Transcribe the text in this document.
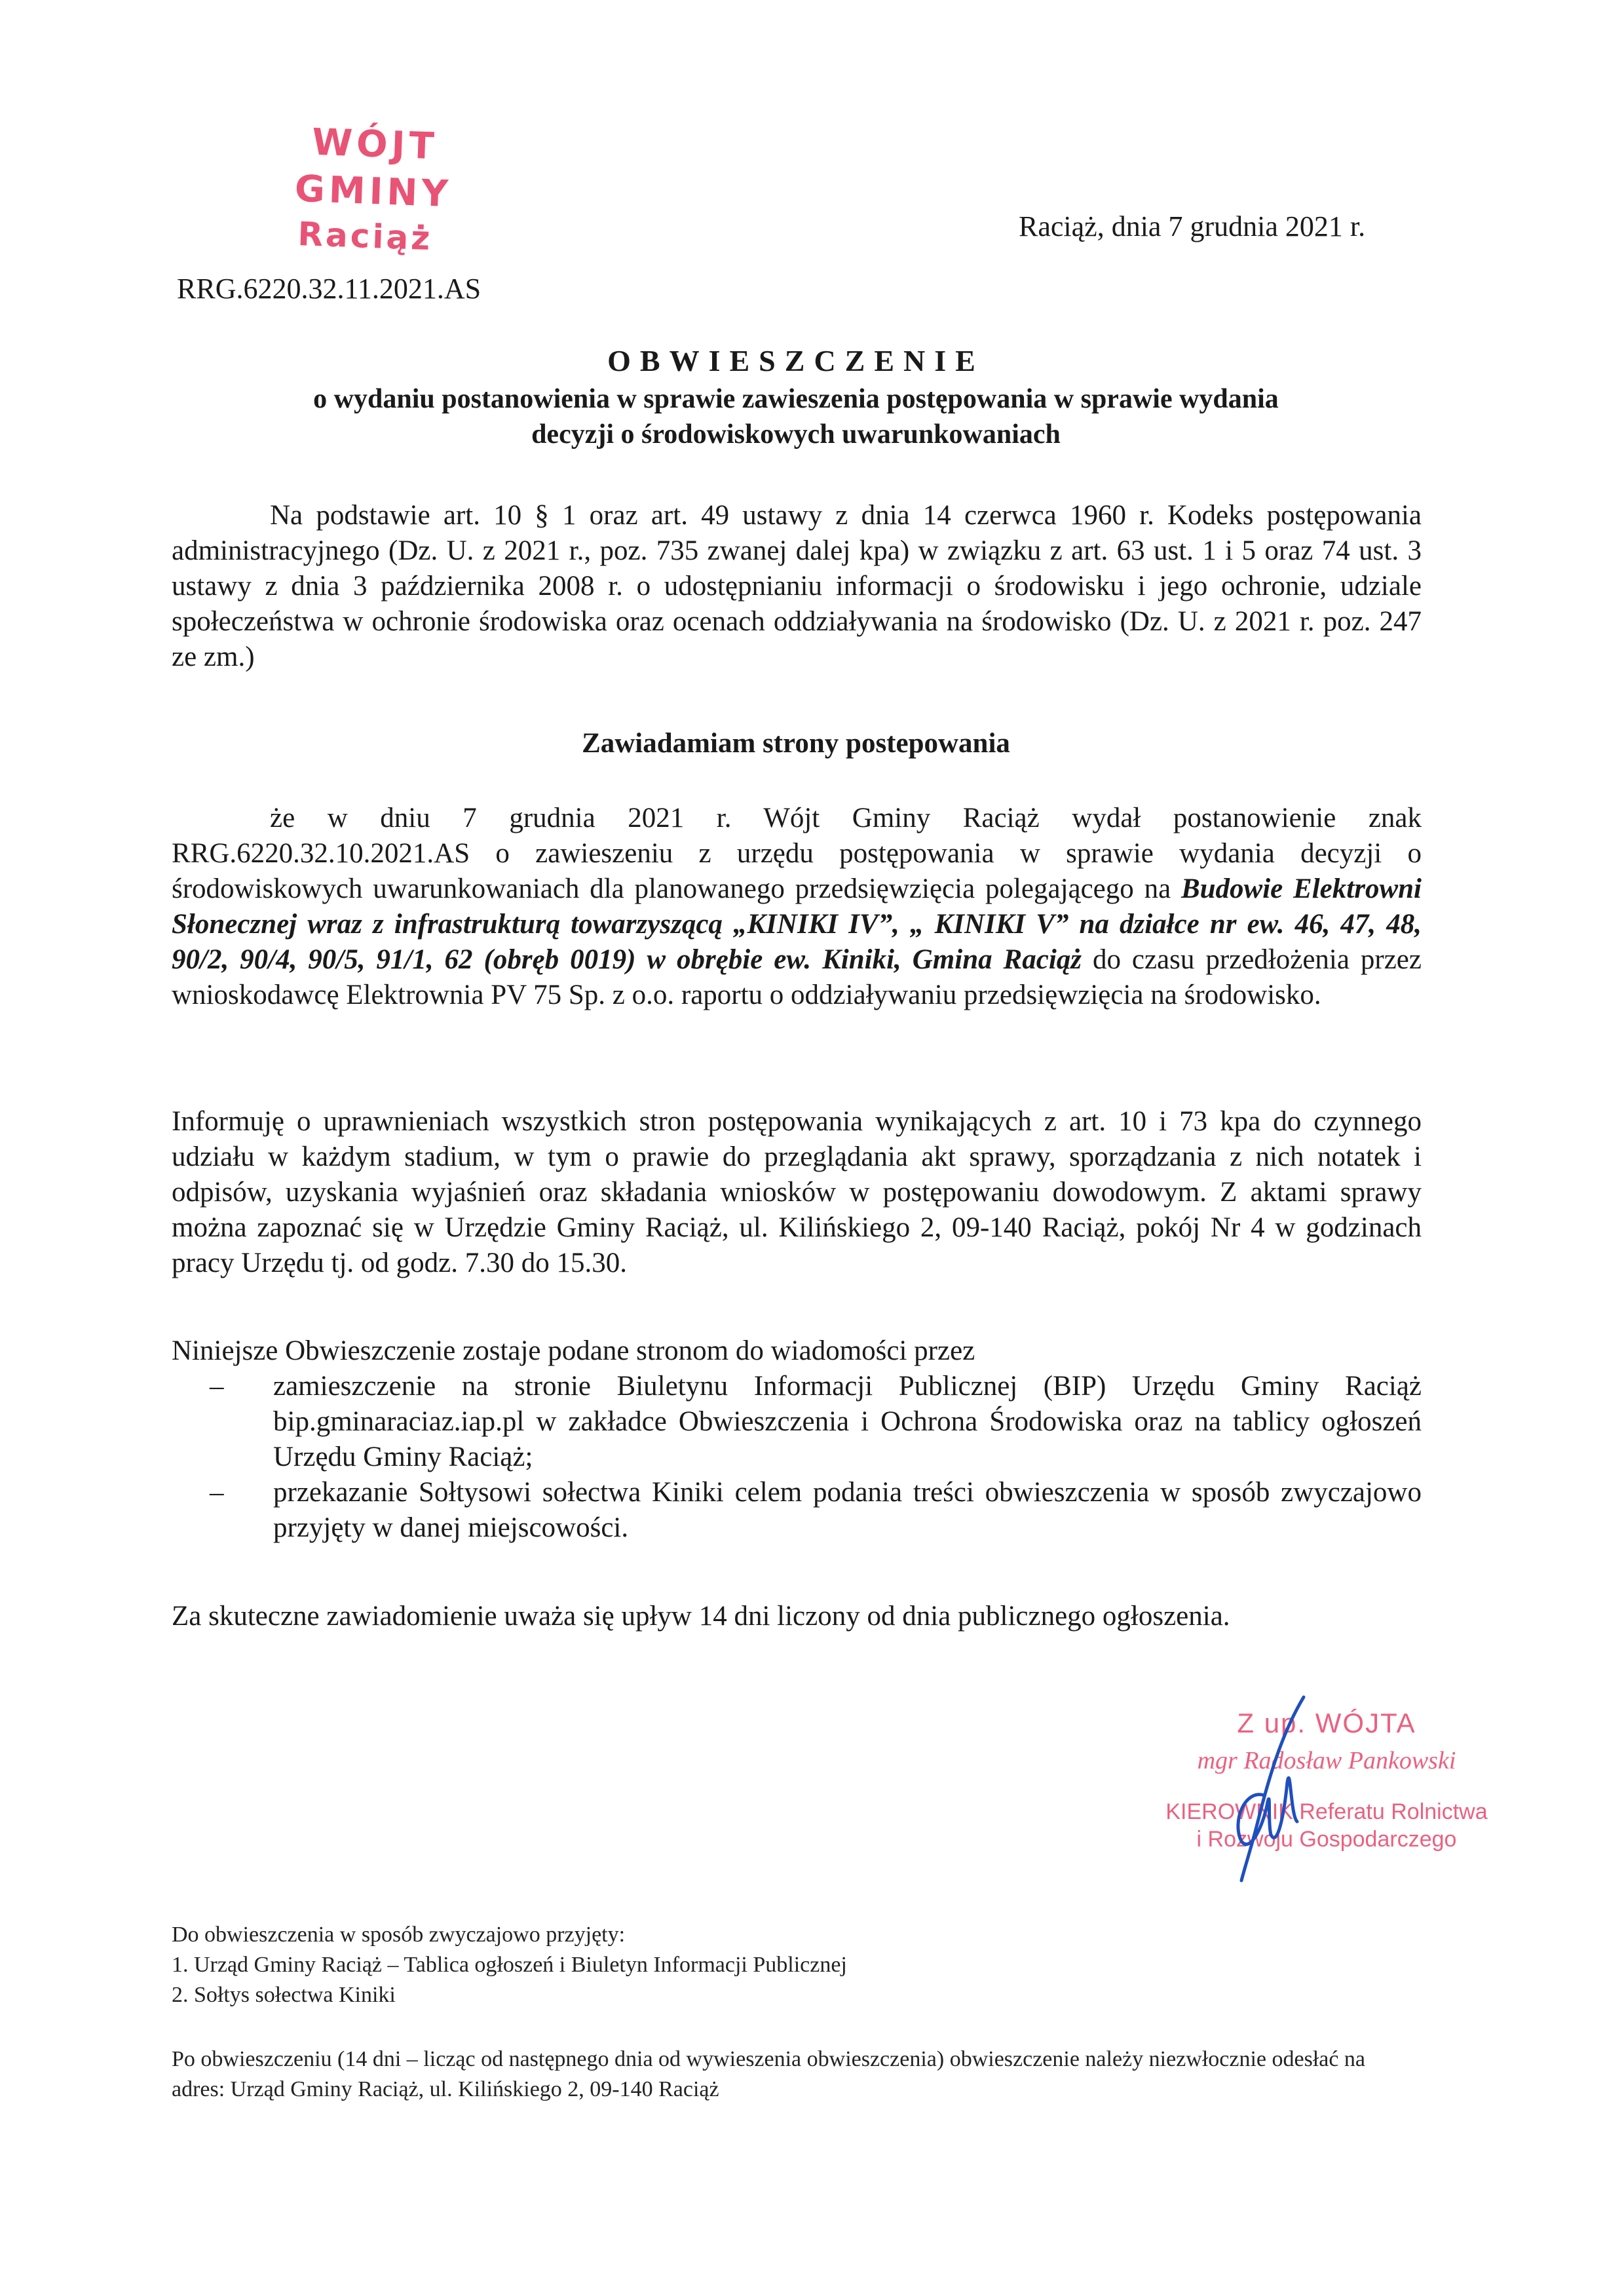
WÓJT GMINY
Raciąż	Raciąż, dnia 7 grudnia 2021 r.
RRG.6220.32.11.2021.AS
OBWIESZCZENIE
o wydaniu postanowienia w sprawie zawieszenia postępowania w sprawie wydania
decyzji o środowiskowych uwarunkowaniach
Na podstawie art. 10 § 1 oraz art. 49 ustawy z dnia 14 czerwca 1960 r. Kodeks postępowania administracyjnego (Dz. U. z 2021 r., poz. 735 zwanej dalej kpa) w związku z art. 63 ust. 1 i 5 oraz 74 ust. 3 ustawy z dnia 3 października 2008 r. o udostępnianiu informacji o środowisku i jego ochronie, udziale społeczeństwa w ochronie środowiska oraz ocenach oddziaływania na środowisko (Dz. U. z 2021 r. poz. 247 ze zm.)
Zawiadamiam strony postepowania
że w dniu 7 grudnia 2021 r. Wójt Gminy Raciąż wydał postanowienie znak RRG.6220.32.10.2021.AS o zawieszeniu z urzędu postępowania w sprawie wydania decyzji o środowiskowych uwarunkowaniach dla planowanego przedsięwzięcia polegającego na Budowie Elektrowni Słonecznej wraz z infrastrukturą towarzyszącą „KINIKI IV”, „ KINIKI V” na działce nr ew. 46, 47, 48, 90/2, 90/4, 90/5, 91/1, 62 (obręb 0019) w obrębie ew. Kiniki, Gmina Raciąż do czasu przedłożenia przez wnioskodawcę Elektrownia PV 75 Sp. z o.o. raportu o oddziaływaniu przedsięwzięcia na środowisko.
Informuję o uprawnieniach wszystkich stron postępowania wynikających z art. 10 i 73 kpa do czynnego udziału w każdym stadium, w tym o prawie do przeglądania akt sprawy, sporządzania z nich notatek i odpisów, uzyskania wyjaśnień oraz składania wniosków w postępowaniu dowodowym. Z aktami sprawy można zapoznać się w Urzędzie Gminy Raciąż, ul. Kilińskiego 2, 09-140 Raciąż, pokój Nr 4 w godzinach pracy Urzędu tj. od godz. 7.30 do 15.30.
Niniejsze Obwieszczenie zostaje podane stronom do wiadomości przez
– zamieszczenie na stronie Biuletynu Informacji Publicznej (BIP) Urzędu Gminy Raciąż bip.gminaraciaz.iap.pl w zakładce Obwieszczenia i Ochrona Środowiska oraz na tablicy ogłoszeń Urzędu Gminy Raciąż;
– przekazanie Sołtysowi sołectwa Kiniki celem podania treści obwieszczenia w sposób zwyczajowo przyjęty w danej miejscowości.
Za skuteczne zawiadomienie uważa się upływ 14 dni liczony od dnia publicznego ogłoszenia.
Z up. WÓJTA
mgr Radosław Pankowski
KIEROWNIK Referatu Rolnictwa
i Rozwoju Gospodarczego
Do obwieszczenia w sposób zwyczajowo przyjęty:
1. Urząd Gminy Raciąż – Tablica ogłoszeń i Biuletyn Informacji Publicznej
2. Sołtys sołectwa Kiniki
Po obwieszczeniu (14 dni – licząc od następnego dnia od wywieszenia obwieszczenia) obwieszczenie należy niezwłocznie odesłać na adres: Urząd Gminy Raciąż, ul. Kilińskiego 2, 09-140 Raciąż
